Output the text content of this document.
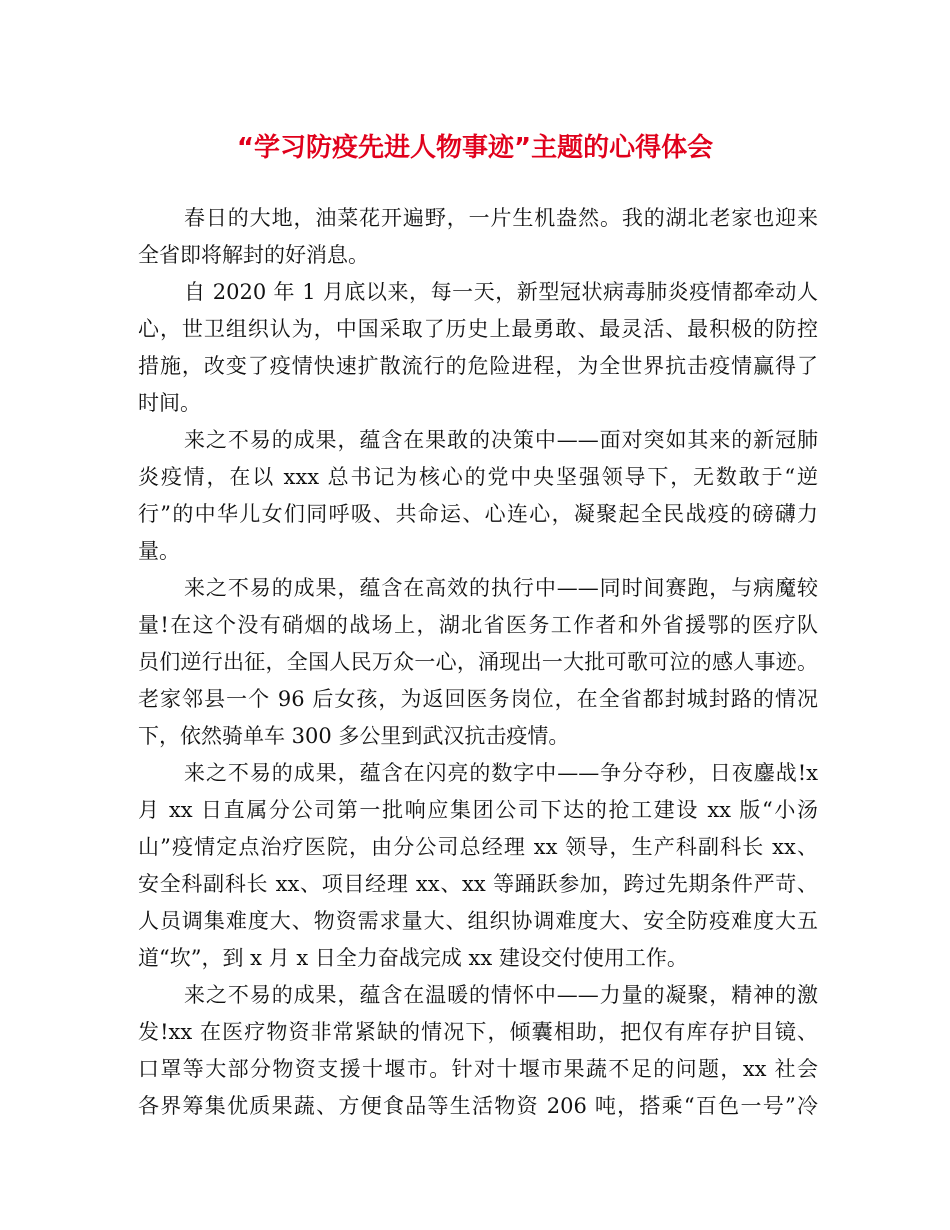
“学习防疫先进人物事迹”主题的心得体会
春日的大地，油菜花开遍野，一片生机盎然。我的湖北老家也迎来
全省即将解封的好消息。
自 2020 年 1 月底以来，每一天，新型冠状病毒肺炎疫情都牵动人
心，世卫组织认为，中国采取了历史上最勇敢、最灵活、最积极的防控
措施，改变了疫情快速扩散流行的危险进程，为全世界抗击疫情赢得了
时间。
来之不易的成果，蕴含在果敢的决策中——面对突如其来的新冠肺
炎疫情，在以 xxx 总书记为核心的党中央坚强领导下，无数敢于“逆
行”的中华儿女们同呼吸、共命运、心连心，凝聚起全民战疫的磅礴力
量。
来之不易的成果，蕴含在高效的执行中——同时间赛跑，与病魔较
量!在这个没有硝烟的战场上，湖北省医务工作者和外省援鄂的医疗队
员们逆行出征，全国人民万众一心，涌现出一大批可歌可泣的感人事迹。
老家邻县一个 96 后女孩，为返回医务岗位，在全省都封城封路的情况
下，依然骑单车 300 多公里到武汉抗击疫情。
来之不易的成果，蕴含在闪亮的数字中——争分夺秒，日夜鏖战!x
月 xx 日直属分公司第一批响应集团公司下达的抢工建设 xx 版“小汤
山”疫情定点治疗医院，由分公司总经理 xx 领导，生产科副科长 xx、
安全科副科长 xx、项目经理 xx、xx 等踊跃参加，跨过先期条件严苛、
人员调集难度大、物资需求量大、组织协调难度大、安全防疫难度大五
道“坎”，到 x 月 x 日全力奋战完成 xx 建设交付使用工作。
来之不易的成果，蕴含在温暖的情怀中——力量的凝聚，精神的激
发!xx 在医疗物资非常紧缺的情况下，倾囊相助，把仅有库存护目镜、
口罩等大部分物资支援十堰市。针对十堰市果蔬不足的问题，xx 社会
各界筹集优质果蔬、方便食品等生活物资 206 吨，搭乘“百色一号”冷
